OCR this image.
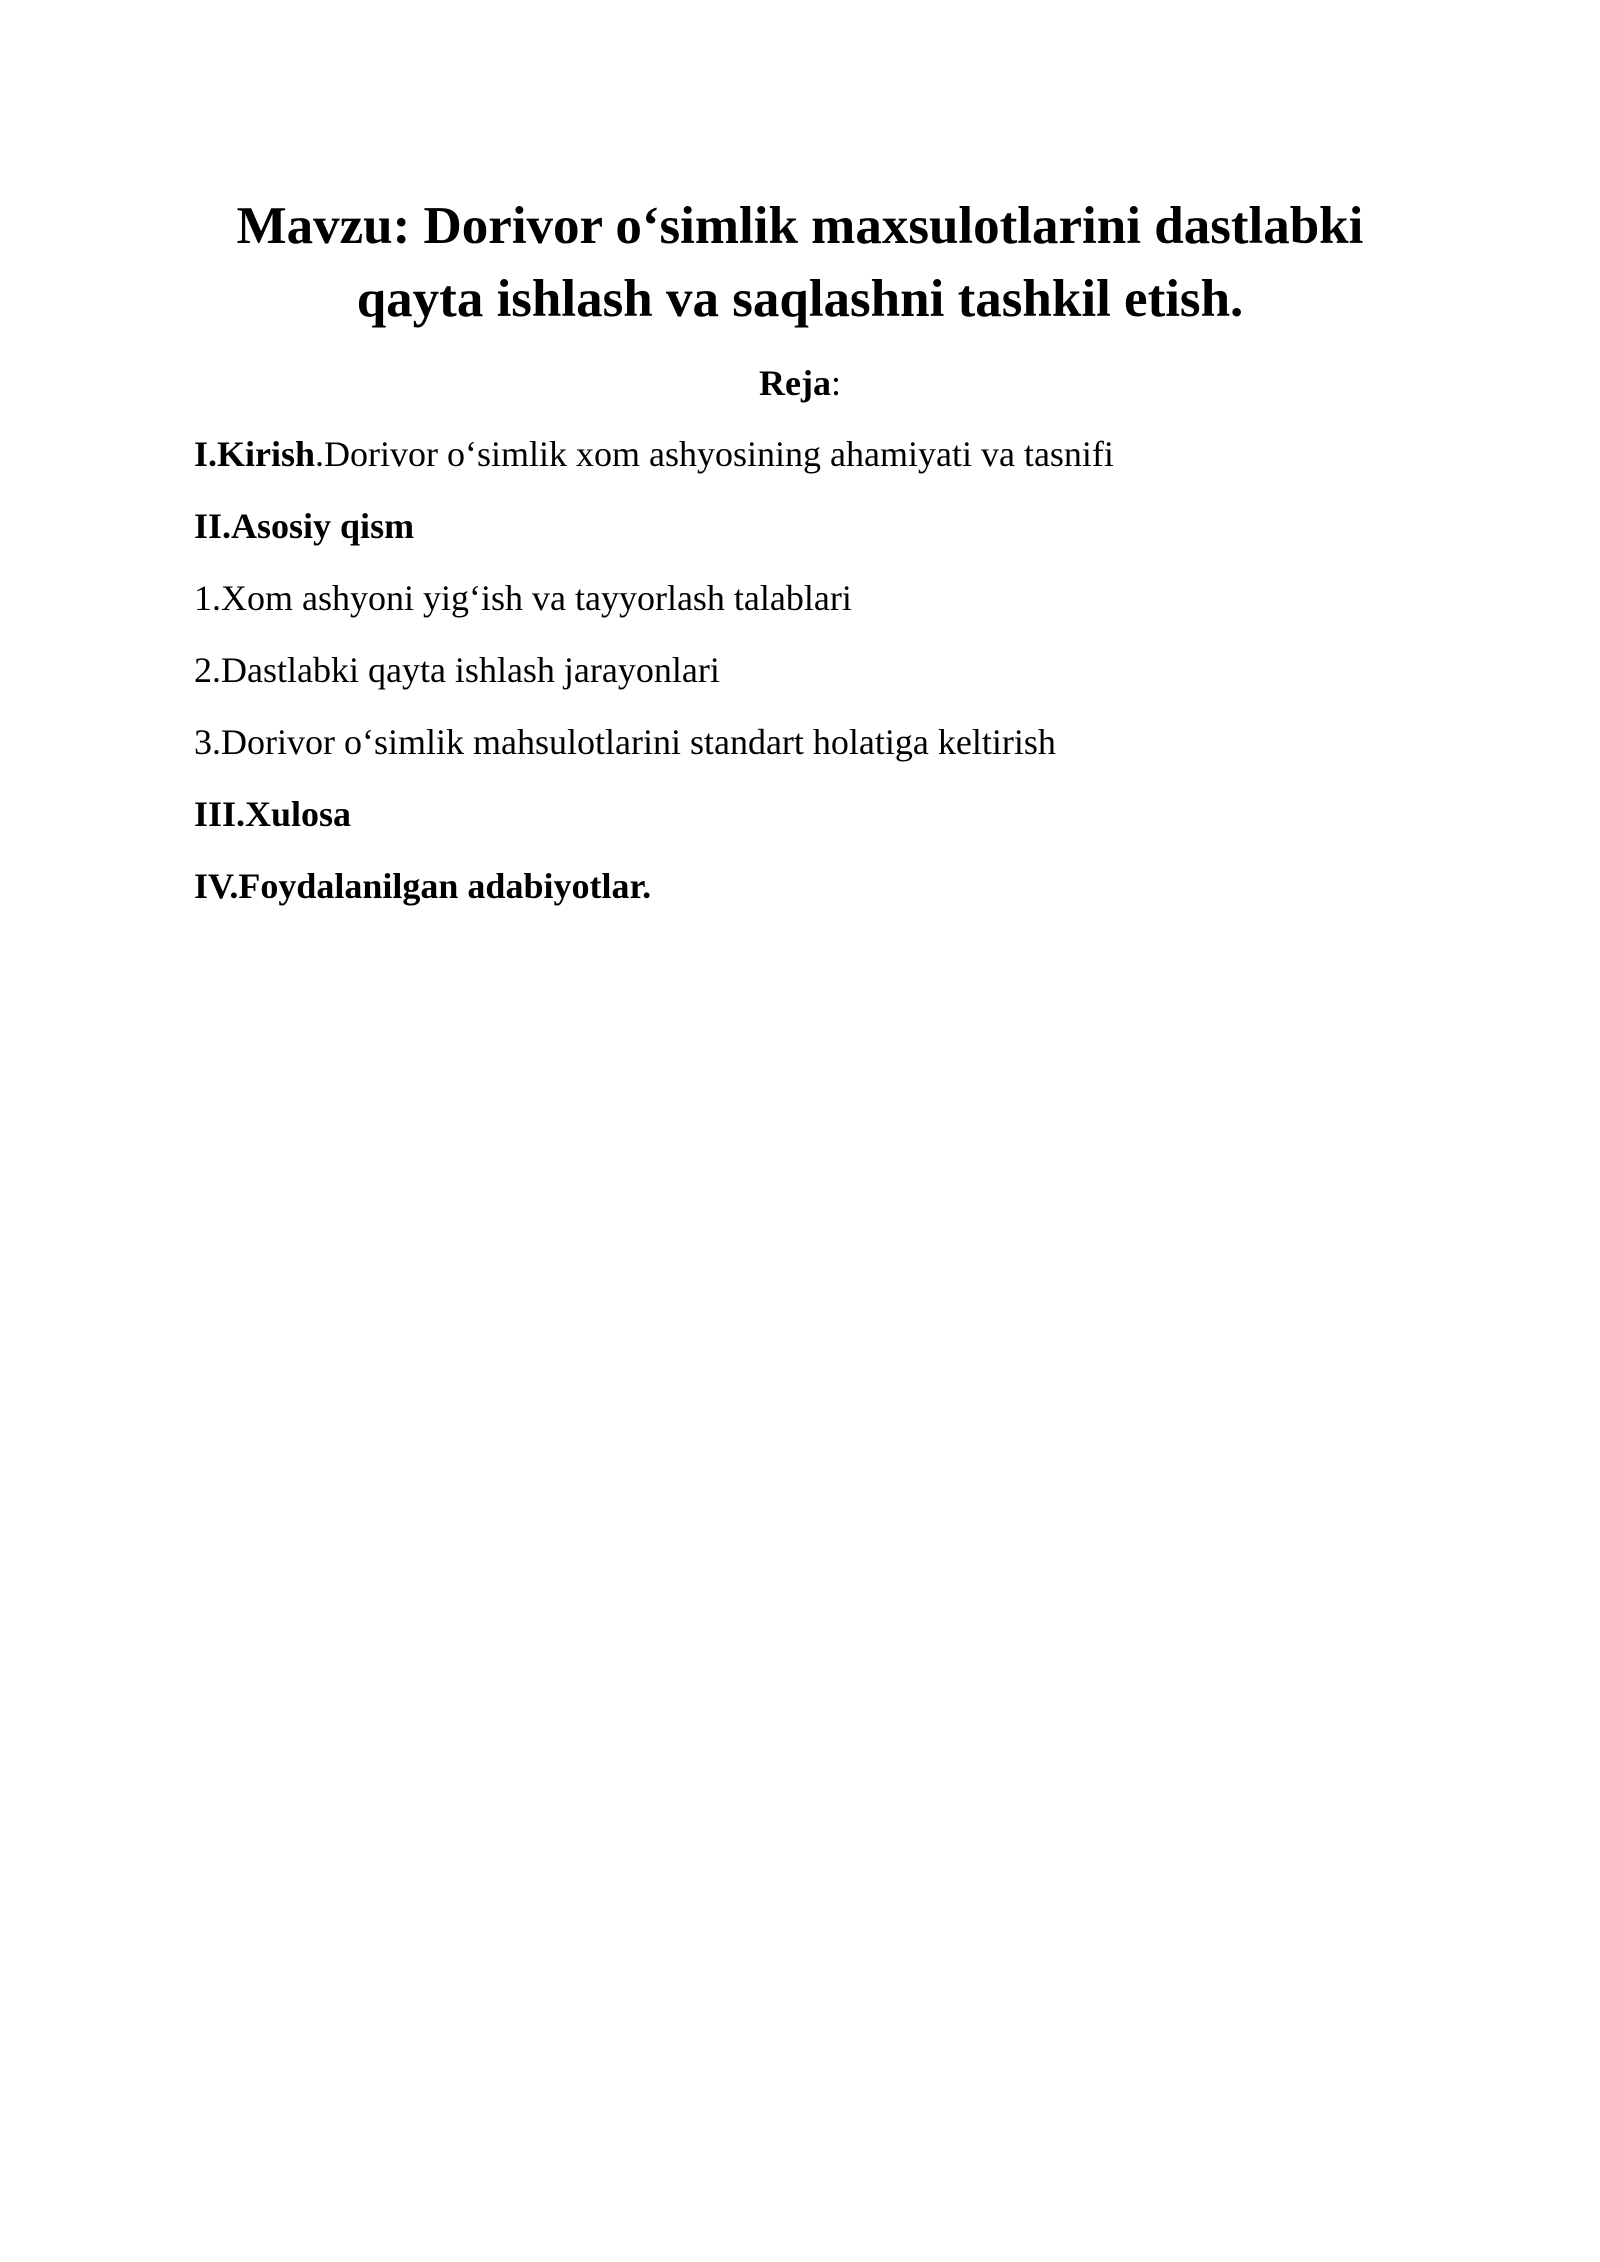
Mavzu: Dorivor o‘simlik maxsulotlarini dastlabki
qayta ishlash va saqlashni tashkil etish.
Reja:
I.Kirish.Dorivor o‘simlik xom ashyosining ahamiyati va tasnifi
II.Asosiy qism
1.Xom ashyoni yig‘ish va tayyorlash talablari
2.Dastlabki qayta ishlash jarayonlari
3.Dorivor o‘simlik mahsulotlarini standart holatiga keltirish
III.Xulosa
IV.Foydalanilgan adabiyotlar.
